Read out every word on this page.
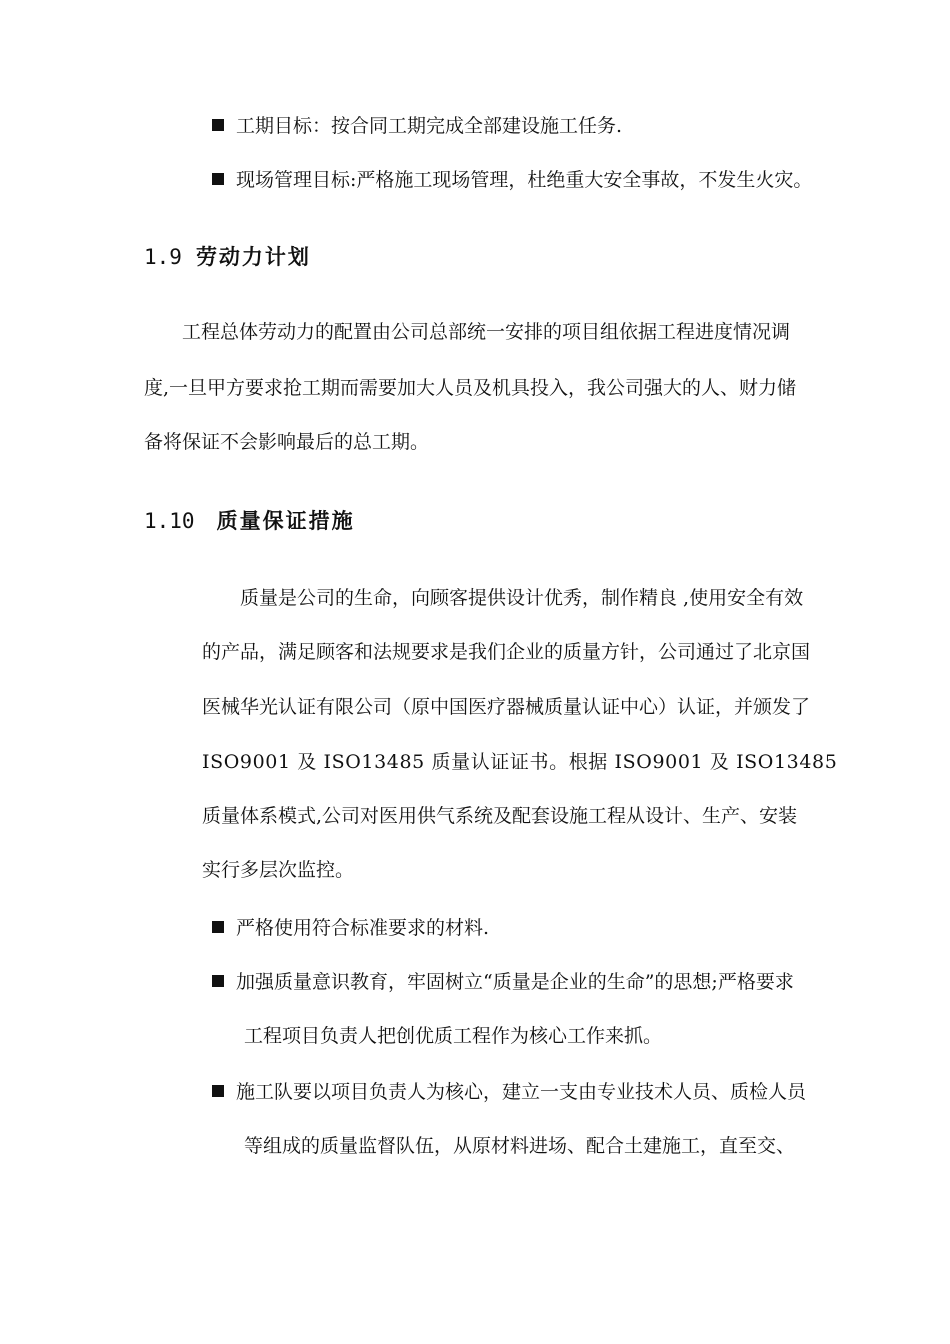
工期目标：按合同工期完成全部建设施工任务.
现场管理目标:严格施工现场管理，杜绝重大安全事故，不发生火灾。
1.9 劳动力计划
工程总体劳动力的配置由公司总部统一安排的项目组依据工程进度情况调
度,一旦甲方要求抢工期而需要加大人员及机具投入，我公司强大的人、财力储
备将保证不会影响最后的总工期。
1.10 质量保证措施
质量是公司的生命，向顾客提供设计优秀，制作精良 ,使用安全有效
的产品，满足顾客和法规要求是我们企业的质量方针，公司通过了北京国
医械华光认证有限公司（原中国医疗器械质量认证中心）认证，并颁发了
ISO9001 及 ISO13485 质量认证证书。根据 ISO9001 及 ISO13485
质量体系模式,公司对医用供气系统及配套设施工程从设计、生产、安装
实行多层次监控。
严格使用符合标准要求的材料.
加强质量意识教育，牢固树立“质量是企业的生命”的思想;严格要求
工程项目负责人把创优质工程作为核心工作来抓。
施工队要以项目负责人为核心，建立一支由专业技术人员、质检人员
等组成的质量监督队伍，从原材料进场、配合土建施工，直至交、
